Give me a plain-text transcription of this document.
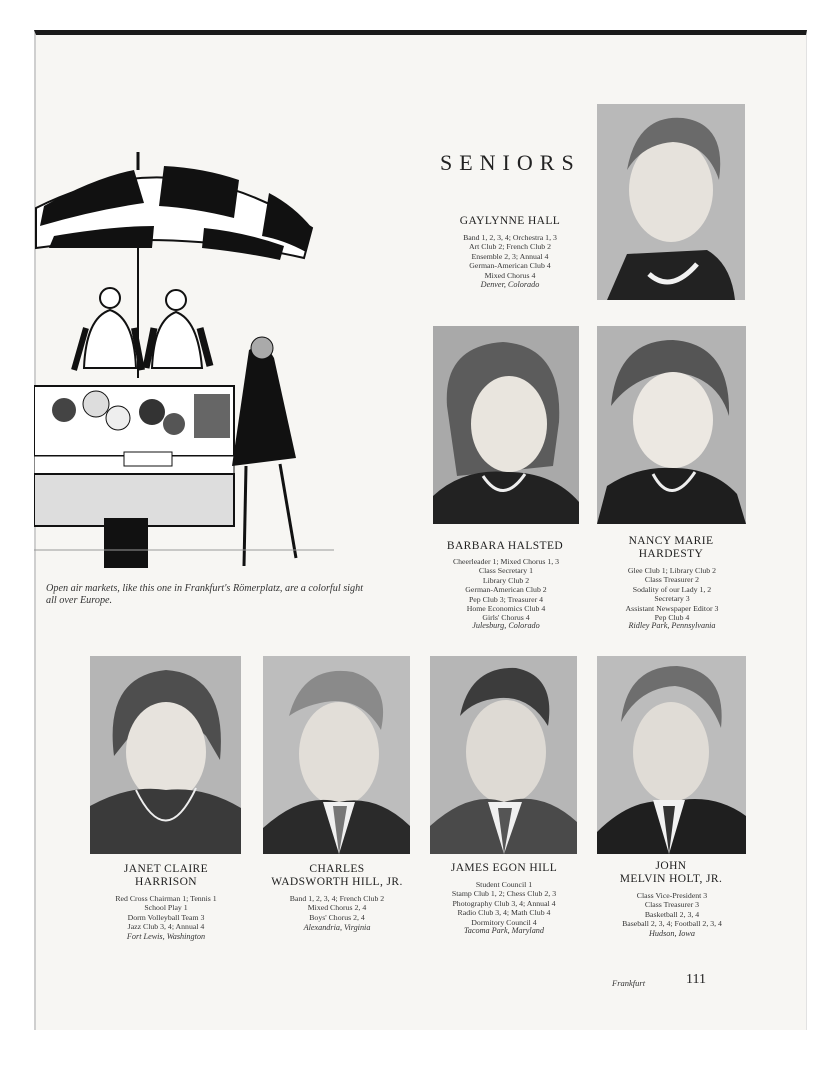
SENIORS
GAYLYNNE HALL
Band 1, 2, 3, 4; Orchestra 1, 3
Art Club 2; French Club 2
Ensemble 2, 3; Annual 4
German-American Club 4
Mixed Chorus 4
Denver, Colorado
BARBARA HALSTED
Cheerleader 1; Mixed Chorus 1, 3
Class Secretary 1
Library Club 2
German-American Club 2
Pep Club 3; Treasurer 4
Home Economics Club 4
Girls' Chorus 4
Julesburg, Colorado
NANCY MARIE
HARDESTY
Glee Club 1; Library Club 2
Class Treasurer 2
Sodality of our Lady 1, 2
Secretary 3
Assistant Newspaper Editor 3
Pep Club 4
Ridley Park, Pennsylvania
Open air markets, like this one in Frankfurt's Römerplatz, are a colorful sight all over Europe.
JANET CLAIRE
HARRISON
Red Cross Chairman 1; Tennis 1
School Play 1
Dorm Volleyball Team 3
Jazz Club 3, 4; Annual 4
Fort Lewis, Washington
CHARLES
WADSWORTH HILL, JR.
Band 1, 2, 3, 4; French Club 2
Mixed Chorus 2, 4
Boys' Chorus 2, 4
Alexandria, Virginia
JAMES EGON HILL
Student Council 1
Stamp Club 1, 2; Chess Club 2, 3
Photography Club 3, 4; Annual 4
Radio Club 3, 4; Math Club 4
Dormitory Council 4
Tacoma Park, Maryland
JOHN
MELVIN HOLT, JR.
Class Vice-President 3
Class Treasurer 3
Basketball 2, 3, 4
Baseball 2, 3, 4; Football 2, 3, 4
Hudson, Iowa
Frankfurt	111
